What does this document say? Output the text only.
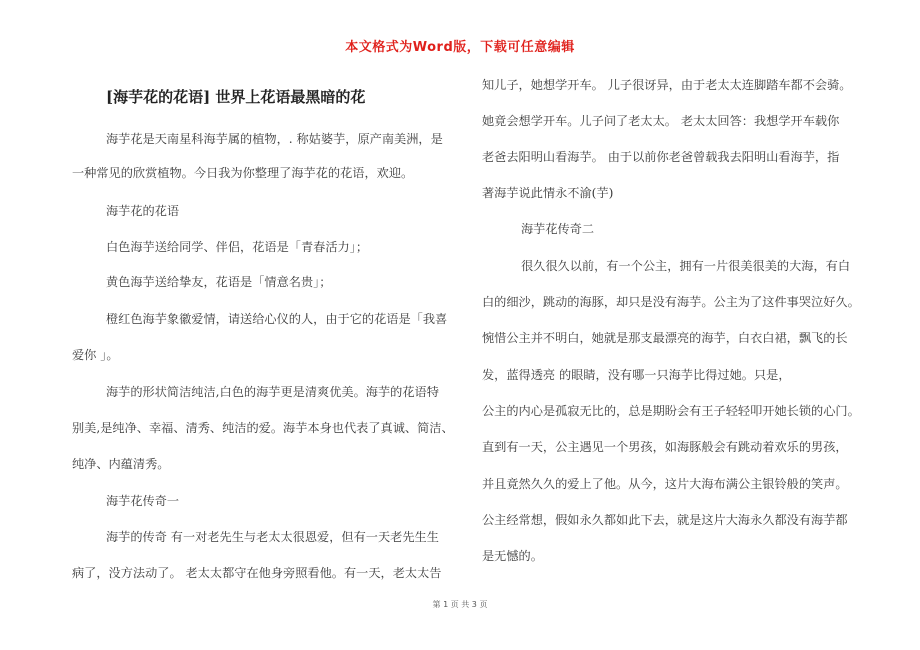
本文格式为Word版，下载可任意编辑
[海芋花的花语] 世界上花语最黑暗的花
海芋花是天南星科海芋属的植物，. 称姑婆芋，原产南美洲，是
一种常见的欣赏植物。今日我为你整理了海芋花的花语，欢迎。
海芋花的花语
白色海芋送给同学、伴侣，花语是「青春活力」；
黄色海芋送给挚友，花语是「情意名贵」；
橙红色海芋象徽爱情，请送给心仪的人，由于它的花语是「我喜
爱你 」。
海芋的形状简洁纯洁,白色的海芋更是清爽优美。海芋的花语特
别美,是纯净、幸福、清秀、纯洁的爱。海芋本身也代表了真诚、简洁、
纯净、内蕴清秀。
海芋花传奇一
海芋的传奇 有一对老先生与老太太很恩爱，但有一天老先生生
病了，没方法动了。 老太太都守在他身旁照看他。有一天，老太太告
知儿子，她想学开车。 儿子很讶异，由于老太太连脚踏车都不会骑。
她竟会想学开车。儿子问了老太太。 老太太回答：我想学开车载你
老爸去阳明山看海芋。 由于以前你老爸曾载我去阳明山看海芋，指
著海芋说此情永不渝(芋)
海芋花传奇二
很久很久以前，有一个公主，拥有一片很美很美的大海，有白
白的细沙，跳动的海豚，却只是没有海芋。公主为了这件事哭泣好久。
惋惜公主并不明白，她就是那支最漂亮的海芋，白衣白裙，飘飞的长
发，蓝得透亮 的眼睛，没有哪一只海芋比得过她。只是，
公主的内心是孤寂无比的，总是期盼会有王子轻轻叩开她长锁的心门。
直到有一天，公主遇见一个男孩，如海豚般会有跳动着欢乐的男孩，
并且竟然久久的爱上了他。从今，这片大海布满公主银铃般的笑声。
公主经常想，假如永久都如此下去，就是这片大海永久都没有海芋都
是无憾的。
第 1 页 共 3 页
